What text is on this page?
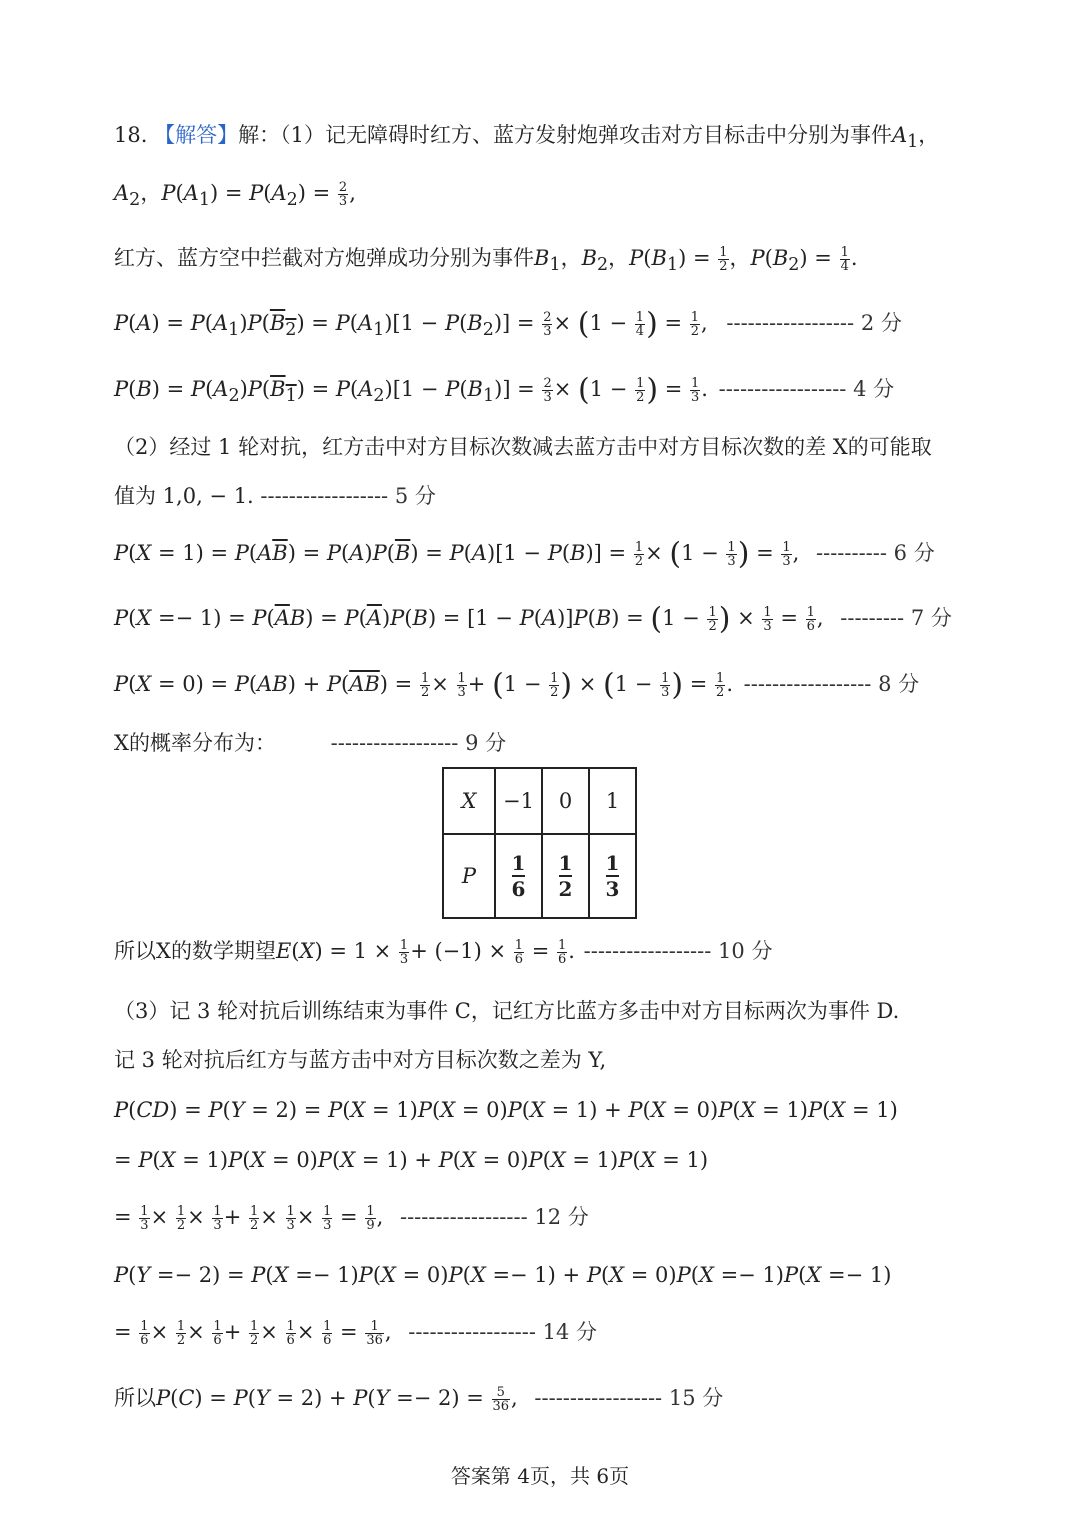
18. 【解答】解：（1）记无障碍时红方、蓝方发射炮弹攻击对方目标击中分别为事件$A_1$，
$A_2$，$P(A_1) = P(A_2) = \frac{2}{3}$ ,
红方、蓝方空中拦截对方炮弹成功分别为事件$B_1$，$B_2$，$P(B_1) = \frac{1}{2}$ ，$P(B_2) = \frac{1}{4}$ .
$P(A) = P(A_1)P(B_2) = P(A_1)[1 - P(B_2)] = \frac{2}{3} \times (1 - \frac{1}{4}$ ) = $\frac{1}{2}$ , ------------------ 2 分
$P(B) = P(A_2)P(B_1) = P(A_2)[1 - P(B_1)] = \frac{2}{3} \times (1 - \frac{1}{2}$ ) = $\frac{1}{3}$ . ------------------ 4 分
（2）经过 1 轮对抗，红方击中对方目标次数减去蓝方击中对方目标次数的差 X的可能取
值为 1,0, − 1. ------------------ 5 分
$P(X = 1) = P(A\overline{B}) = P(A)P(\overline{B}) = P(A)[1 - P(B)] = \frac{1}{2} \times (1 - \frac{1}{3}$ ) = $\frac{1}{3}$ , ---------- 6 分
$P(X =- 1) = P(\overline{A}B) = P(\overline{A})P(B) = [1 - P(A)]P(B) = (1 - \frac{1}{2}$ ) × $\frac{1}{3} = \frac{1}{6}$ , --------- 7 分
$P(X = 0) = P(AB) + P(\overline{AB}) = \frac{1}{2} \times \frac{1}{3} + (1 - \frac{1}{2}$ ) × ($1 - \frac{1}{3}$ ) = $\frac{1}{2}$ . ------------------ 8 分
X的概率分布为：	------------------ 9 分
X	−1	0	1
P	$\frac{1}{6}$	$\frac{1}{2}$	$\frac{1}{3}$
所以X的数学期望$E(X) = 1 \times \frac{1}{3} + (-1) \times \frac{1}{6} = \frac{1}{6}$ . ------------------ 10 分
（3）记 3 轮对抗后训练结束为事件 C，记红方比蓝方多击中对方目标两次为事件 D.
记 3 轮对抗后红方与蓝方击中对方目标次数之差为 Y,
P(CD) = P(Y = 2) = P(X = 1)P(X = 0)P(X = 1) + P(X = 0)P(X = 1)P(X = 1)
= P(X = 1)P(X = 0)P(X = 1) + P(X = 0)P(X = 1)P(X = 1)
= $\frac{1}{3} \times \frac{1}{2} \times \frac{1}{3} + \frac{1}{2} \times \frac{1}{3} \times \frac{1}{3} = \frac{1}{9}$ , ------------------ 12 分
P(Y =− 2) = P(X =− 1)P(X = 0)P(X =− 1) + P(X = 0)P(X =− 1)P(X =− 1)
= $\frac{1}{6} \times \frac{1}{2} \times \frac{1}{6} + \frac{1}{2} \times \frac{1}{6} \times \frac{1}{6} = \frac{1}{36}$ , ------------------ 14 分
所以$P(C) = P(Y = 2) + P(Y =- 2) = \frac{5}{36}$ , ------------------ 15 分
答案第 4页，共 6页
